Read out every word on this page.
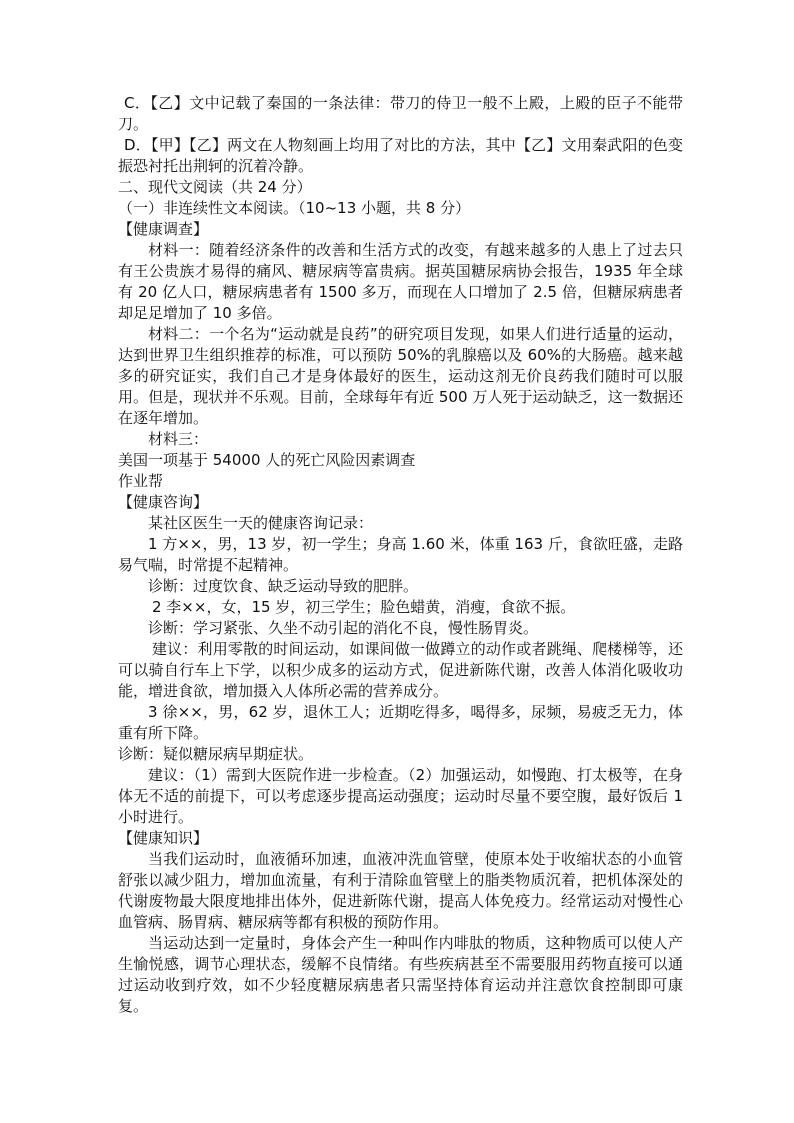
C．【乙】文中记载了秦国的一条法律：带刀的侍卫一般不上殿，上殿的臣子不能带刀。

D．【甲】【乙】两文在人物刻画上均用了对比的方法，其中【乙】文用秦武阳的色变振恐衬托出荆轲的沉着冷静。

二、现代文阅读（共 24 分）

（一）非连续性文本阅读。（10~13 小题，共 8 分）

【健康调查】

材料一：随着经济条件的改善和生活方式的改变，有越来越多的人患上了过去只有王公贵族才易得的痛风、糖尿病等富贵病。据英国糖尿病协会报告，1935 年全球有 20 亿人口，糖尿病患者有 1500 多万，而现在人口增加了 2.5 倍，但糖尿病患者却足足增加了 10 多倍。

材料二：一个名为“运动就是良药”的研究项目发现，如果人们进行适量的运动，达到世界卫生组织推荐的标准，可以预防 50%的乳腺癌以及 60%的大肠癌。越来越多的研究证实，我们自己才是身体最好的医生，运动这剂无价良药我们随时可以服用。但是，现状并不乐观。目前，全球每年有近 500 万人死于运动缺乏，这一数据还在逐年增加。

材料三：

美国一项基于 54000 人的死亡风险因素调查

作业帮

【健康咨询】

某社区医生一天的健康咨询记录：

1 方××，男，13 岁，初一学生；身高 1.60 米，体重 163 斤，食欲旺盛，走路易气喘，时常提不起精神。

诊断：过度饮食、缺乏运动导致的肥胖。

2 李××，女，15 岁，初三学生；脸色蜡黄，消瘦，食欲不振。

诊断：学习紧张、久坐不动引起的消化不良，慢性肠胃炎。

建议：利用零散的时间运动，如课间做一做蹲立的动作或者跳绳、爬楼梯等，还可以骑自行车上下学，以积少成多的运动方式，促进新陈代谢，改善人体消化吸收功能，增进食欲，增加摄入人体所必需的营养成分。

3 徐××，男，62 岁，退休工人；近期吃得多，喝得多，尿频，易疲乏无力，体重有所下降。

诊断：疑似糖尿病早期症状。

建议：（1）需到大医院作进一步检查。（2）加强运动，如慢跑、打太极等，在身体无不适的前提下，可以考虑逐步提高运动强度；运动时尽量不要空腹，最好饭后 1 小时进行。

【健康知识】

当我们运动时，血液循环加速，血液冲洗血管壁，使原本处于收缩状态的小血管舒张以减少阻力，增加血流量，有利于清除血管壁上的脂类物质沉着，把机体深处的代谢废物最大限度地排出体外，促进新陈代谢，提高人体免疫力。经常运动对慢性心血管病、肠胃病、糖尿病等都有积极的预防作用。

当运动达到一定量时，身体会产生一种叫作内啡肽的物质，这种物质可以使人产生愉悦感，调节心理状态，缓解不良情绪。有些疾病甚至不需要服用药物直接可以通过运动收到疗效，如不少轻度糖尿病患者只需坚持体育运动并注意饮食控制即可康复。
